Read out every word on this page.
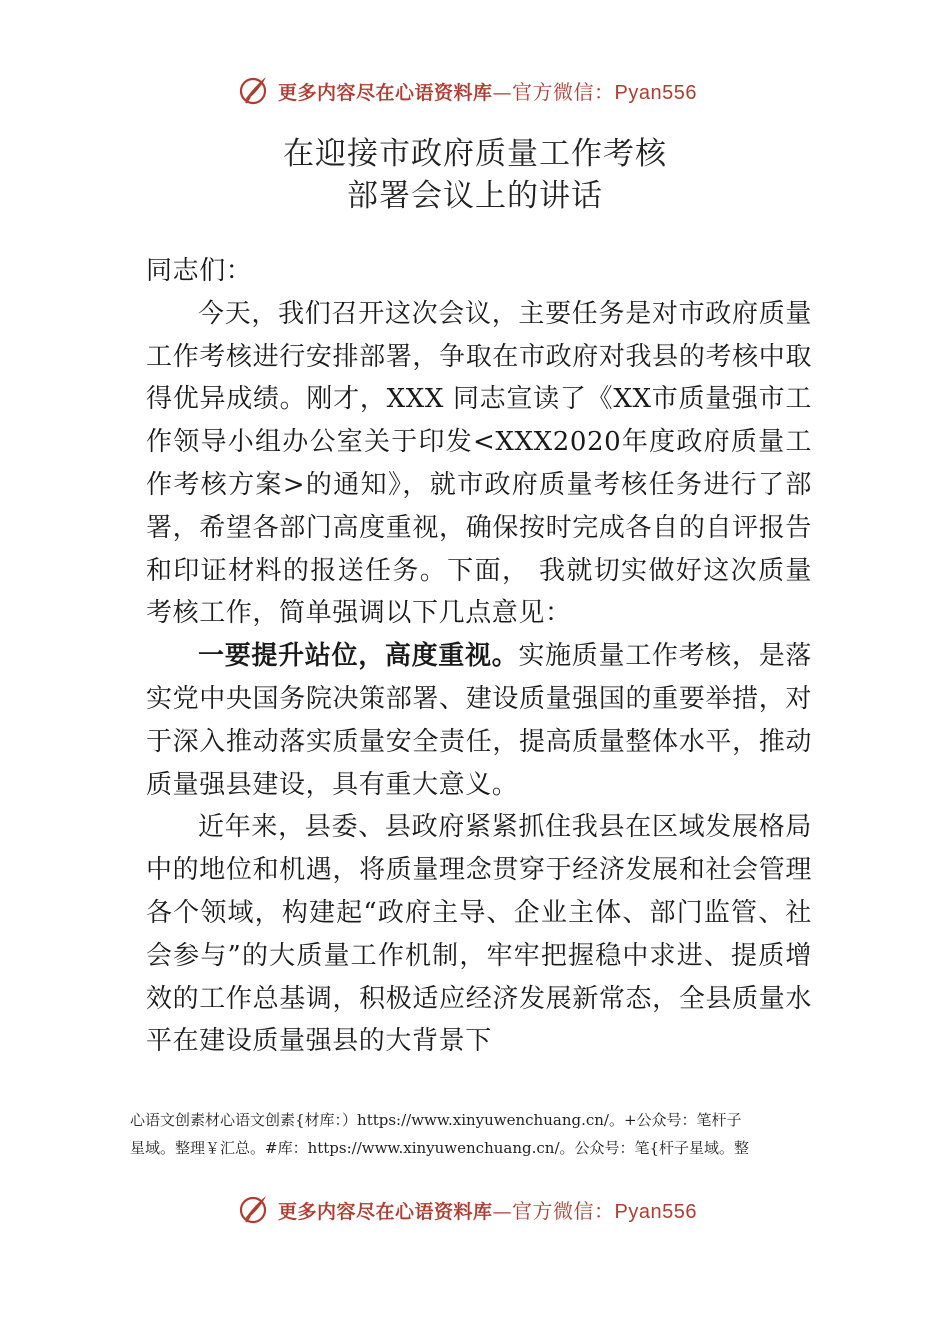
更多内容尽在心语资料库—官方微信：Pyan556
在迎接市政府质量工作考核
部署会议上的讲话

同志们：

今天，我们召开这次会议，主要任务是对市政府质量工作考核进行安排部署，争取在市政府对我县的考核中取得优异成绩。刚才，XXX 同志宣读了《XX市质量强市工作领导小组办公室关于印发<XXX2020年度政府质量工作考核方案>的通知》，就市政府质量考核任务进行了部署，希望各部门高度重视，确保按时完成各自的自评报告和印证材料的报送任务。下面， 我就切实做好这次质量考核工作，简单强调以下几点意见：

一要提升站位，高度重视。实施质量工作考核，是落实党中央国务院决策部署、建设质量强国的重要举措，对于深入推动落实质量安全责任，提高质量整体水平，推动质量强县建设，具有重大意义。

近年来，县委、县政府紧紧抓住我县在区域发展格局中的地位和机遇，将质量理念贯穿于经济发展和社会管理各个领域，构建起“政府主导、企业主体、部门监管、社会参与”的大质量工作机制，牢牢把握稳中求进、提质增效的工作总基调，积极适应经济发展新常态，全县质量水平在建设质量强县的大背景下

心语文创素材心语文创素{材库：）https://www.xinyuwenchuang.cn/。+公众号：笔杆子
星域。整理￥汇总。#库：https://www.xinyuwenchuang.cn/。公众号：笔{杆子星域。整
更多内容尽在心语资料库—官方微信：Pyan556
